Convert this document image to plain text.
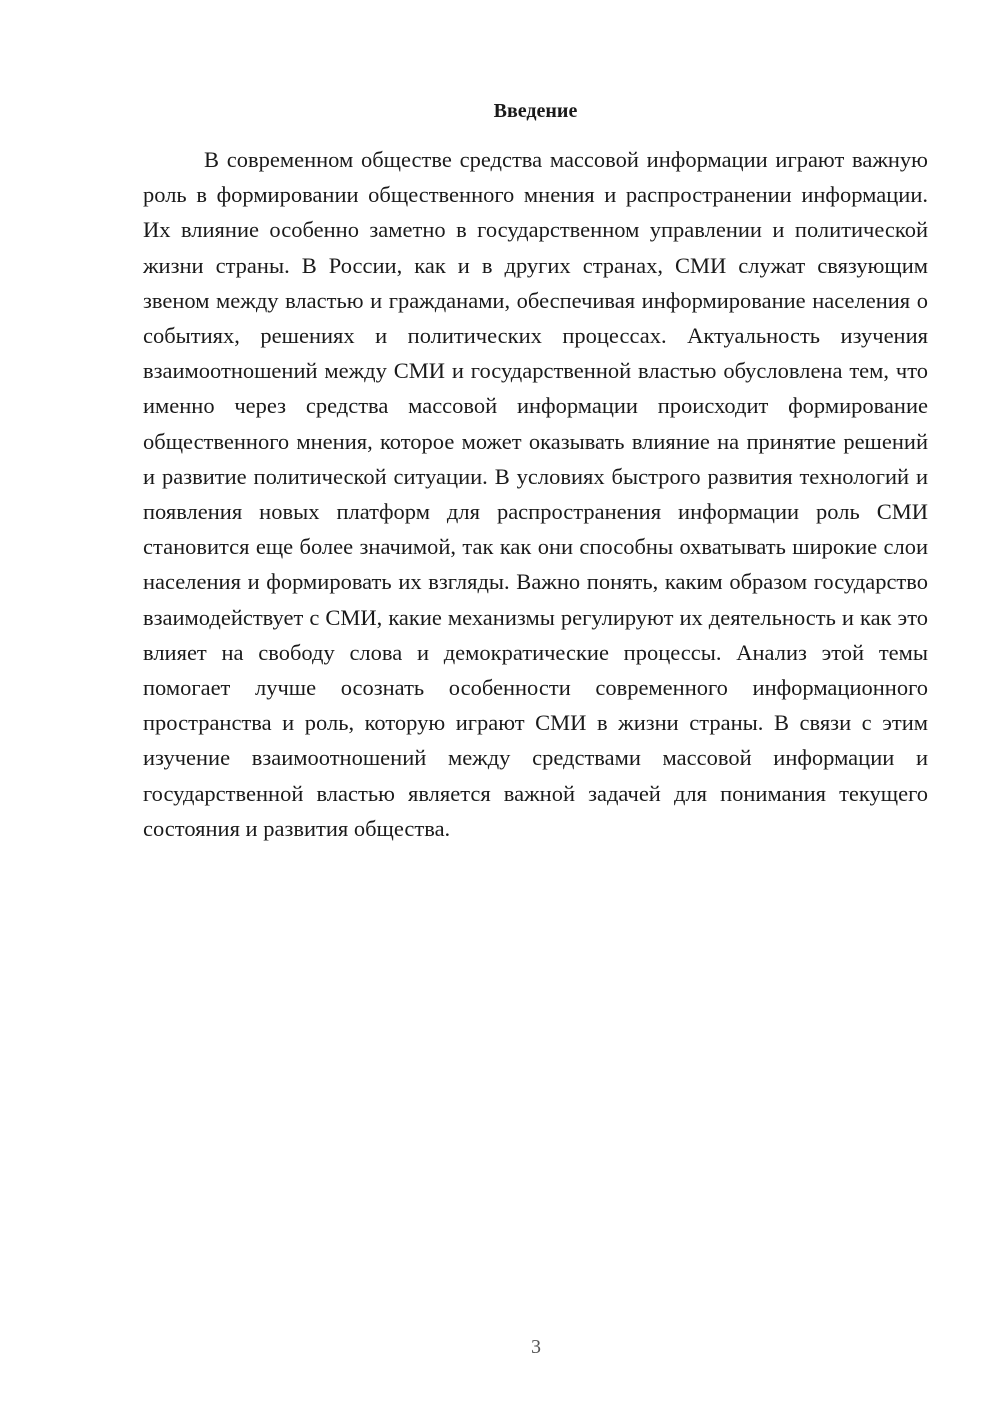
Введение

В современном обществе средства массовой информации играют важную роль в формировании общественного мнения и распространении информации. Их влияние особенно заметно в государственном управлении и политической жизни страны. В России, как и в других странах, СМИ служат связующим звеном между властью и гражданами, обеспечивая информирование населения о событиях, решениях и политических процессах. Актуальность изучения взаимоотношений между СМИ и государственной властью обусловлена тем, что именно через средства массовой информации происходит формирование общественного мнения, которое может оказывать влияние на принятие решений и развитие политической ситуации. В условиях быстрого развития технологий и появления новых платформ для распространения информации роль СМИ становится еще более значимой, так как они способны охватывать широкие слои населения и формировать их взгляды. Важно понять, каким образом государство взаимодействует с СМИ, какие механизмы регулируют их деятельность и как это влияет на свободу слова и демократические процессы. Анализ этой темы помогает лучше осознать особенности современного информационного пространства и роль, которую играют СМИ в жизни страны. В связи с этим изучение взаимоотношений между средствами массовой информации и государственной властью является важной задачей для понимания текущего состояния и развития общества.

3
